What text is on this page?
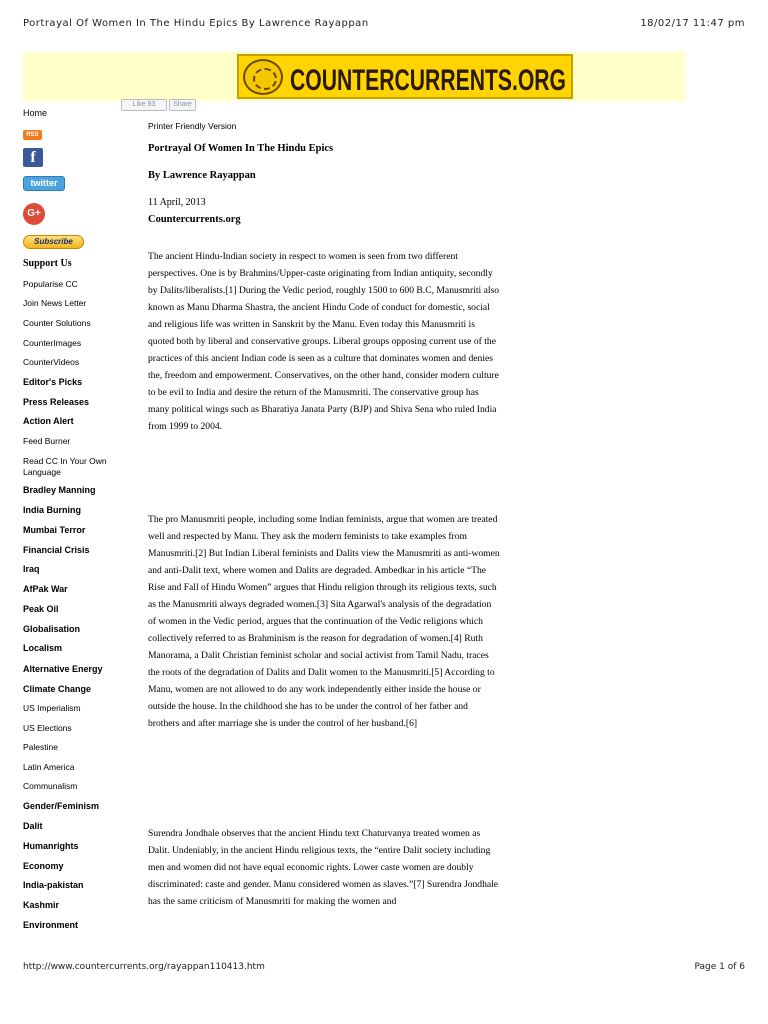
Portrayal Of Women In The Hindu Epics By Lawrence Rayappan	18/02/17 11:47 pm
COUNTERCURRENTS.ORG
Home
RSS
f
twitter
G+
Subscribe
Support Us
Popularise CC
Join News Letter
Counter Solutions
CounterImages
CounterVideos
Editor's Picks
Press Releases
Action Alert
Feed Burner
Read CC In Your Own Language
Bradley Manning
India Burning
Mumbai Terror
Financial Crisis
Iraq
AfPak War
Peak Oil
Globalisation
Localism
Alternative Energy
Climate Change
US Imperialism
US Elections
Palestine
Latin America
Communalism
Gender/Feminism
Dalit
Humanrights
Economy
India-pakistan
Kashmir
Environment
Like 93	Share
Printer Friendly Version
Portrayal Of Women In The Hindu Epics
By Lawrence Rayappan
11 April, 2013
Countercurrents.org

The ancient Hindu-Indian society in respect to women is seen from two different perspectives. One is by Brahmins/Upper-caste originating from Indian antiquity, secondly by Dalits/liberalists.[1] During the Vedic period, roughly 1500 to 600 B.C, Manusmriti also known as Manu Dharma Shastra, the ancient Hindu Code of conduct for domestic, social and religious life was written in Sanskrit by the Manu. Even today this Manusmriti is quoted both by liberal and conservative groups. Liberal groups opposing current use of the practices of this ancient Indian code is seen as a culture that dominates women and denies the, freedom and empowerment. Conservatives, on the other hand, consider modern culture to be evil to India and desire the return of the Manusmriti. The conservative group has many political wings such as Bharatiya Janata Party (BJP) and Shiva Sena who ruled India from 1999 to 2004.

The pro Manusmriti people, including some Indian feminists, argue that women are treated well and respected by Manu. They ask the modern feminists to take examples from Manusmriti.[2] But Indian Liberal feminists and Dalits view the Manusmriti as anti-women and anti-Dalit text, where women and Dalits are degraded. Ambedkar in his article “The Rise and Fall of Hindu Women” argues that Hindu religion through its religious texts, such as the Manusmriti always degraded women.[3] Sita Agarwal's analysis of the degradation of women in the Vedic period, argues that the continuation of the Vedic religions which collectively referred to as Brahminism is the reason for degradation of women.[4] Ruth Manorama, a Dalit Christian feminist scholar and social activist from Tamil Nadu, traces the roots of the degradation of Dalits and Dalit women to the Manusmriti.[5] According to Manu, women are not allowed to do any work independently either inside the house or outside the house. In the childhood she has to be under the control of her father and brothers and after marriage she is under the control of her husband.[6]

Surendra Jondhale observes that the ancient Hindu text Chaturvanya treated women as Dalit. Undeniably, in the ancient Hindu religious texts, the “entire Dalit society including men and women did not have equal economic rights. Lower caste women are doubly discriminated: caste and gender. Manu considered women as slaves.”[7] Surendra Jondhale has the same criticism of Manusmriti for making the women and

http://www.countercurrents.org/rayappan110413.htm	Page 1 of 6
